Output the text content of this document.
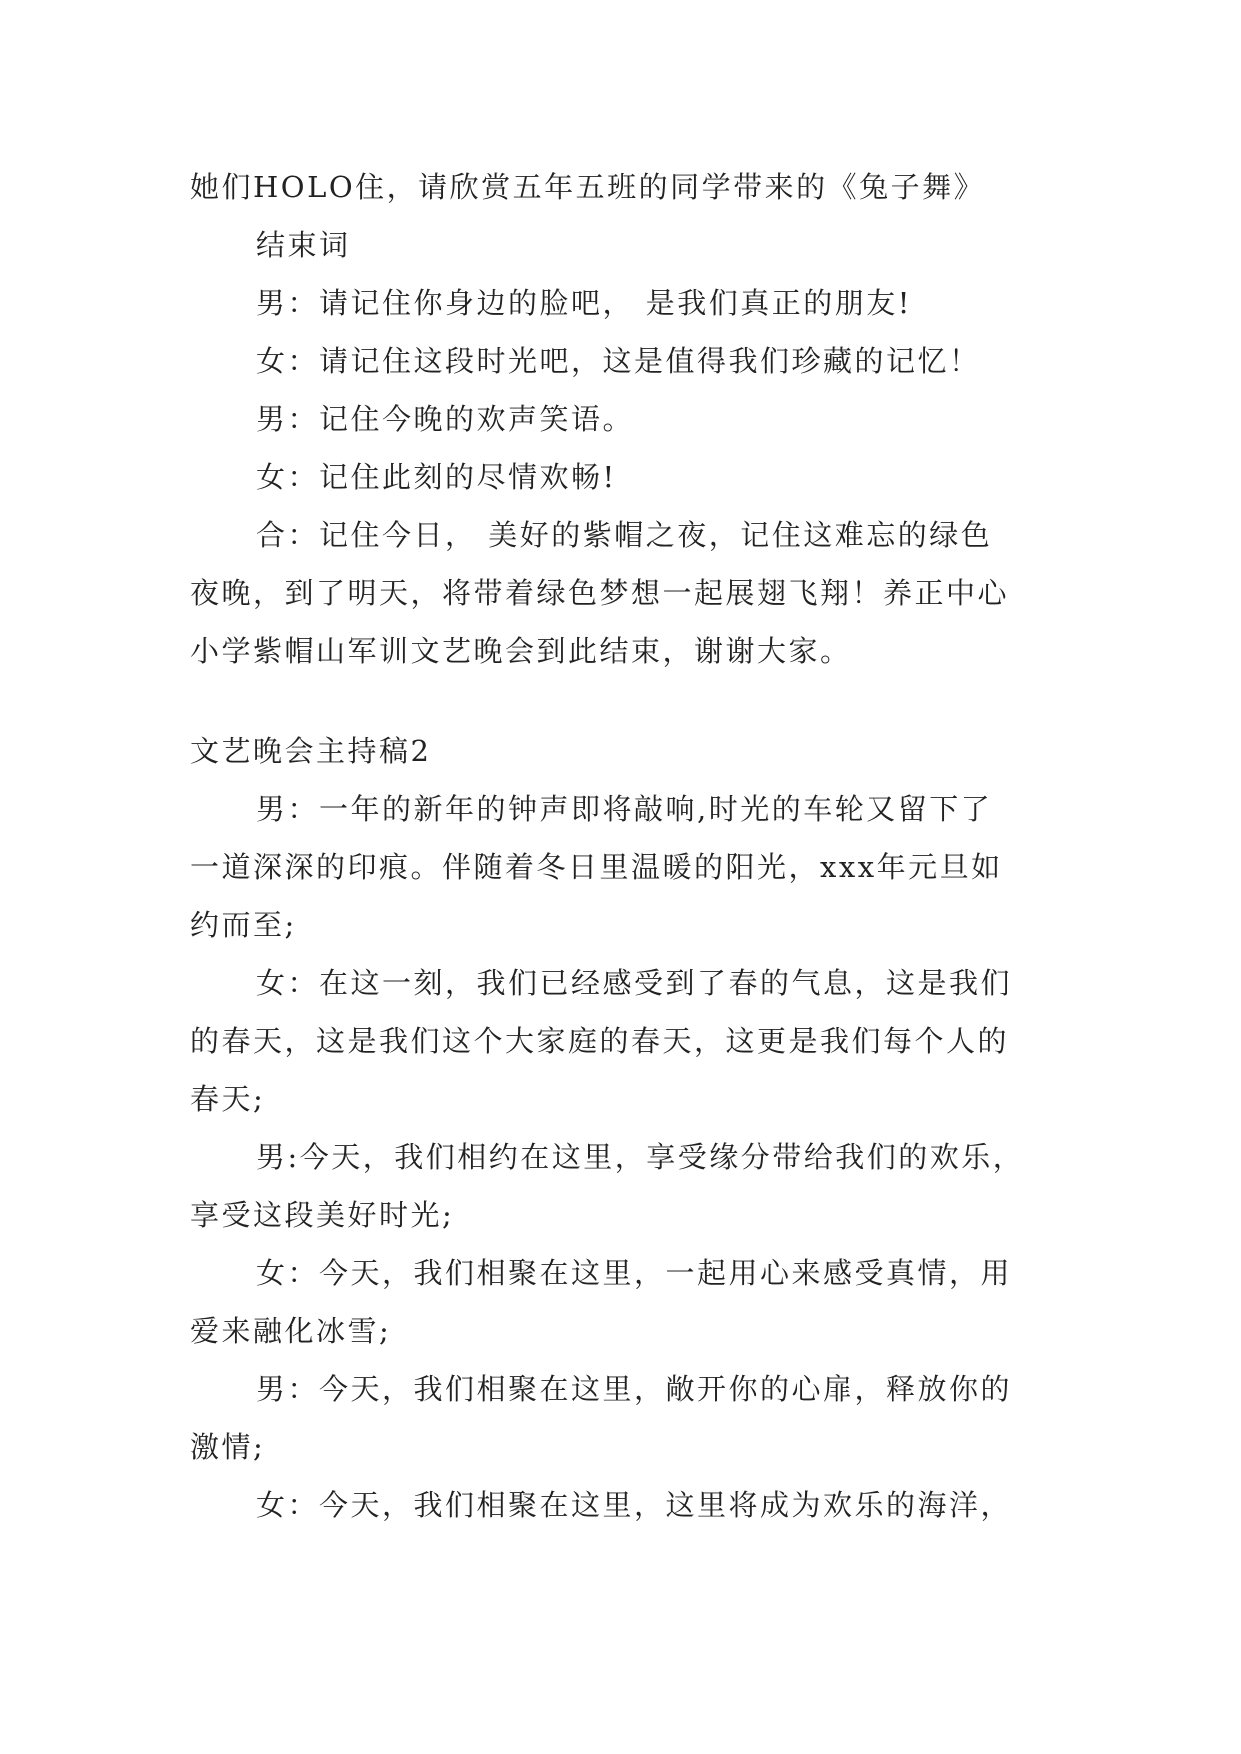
她们HOLO住，请欣赏五年五班的同学带来的《兔子舞》
结束词
男：请记住你身边的脸吧， 是我们真正的朋友!
女：请记住这段时光吧，这是值得我们珍藏的记忆！
男：记住今晚的欢声笑语。
女：记住此刻的尽情欢畅!
合：记住今日， 美好的紫帽之夜，记住这难忘的绿色
夜晚，到了明天，将带着绿色梦想一起展翅飞翔！养正中心
小学紫帽山军训文艺晚会到此结束，谢谢大家。
文艺晚会主持稿2
男：一年的新年的钟声即将敲响,时光的车轮又留下了
一道深深的印痕。伴随着冬日里温暖的阳光，xxx年元旦如
约而至;
女：在这一刻，我们已经感受到了春的气息，这是我们
的春天，这是我们这个大家庭的春天，这更是我们每个人的
春天;
男:今天，我们相约在这里，享受缘分带给我们的欢乐，
享受这段美好时光;
女：今天，我们相聚在这里，一起用心来感受真情，用
爱来融化冰雪;
男：今天，我们相聚在这里，敞开你的心扉，释放你的
激情;
女：今天，我们相聚在这里，这里将成为欢乐的海洋，
